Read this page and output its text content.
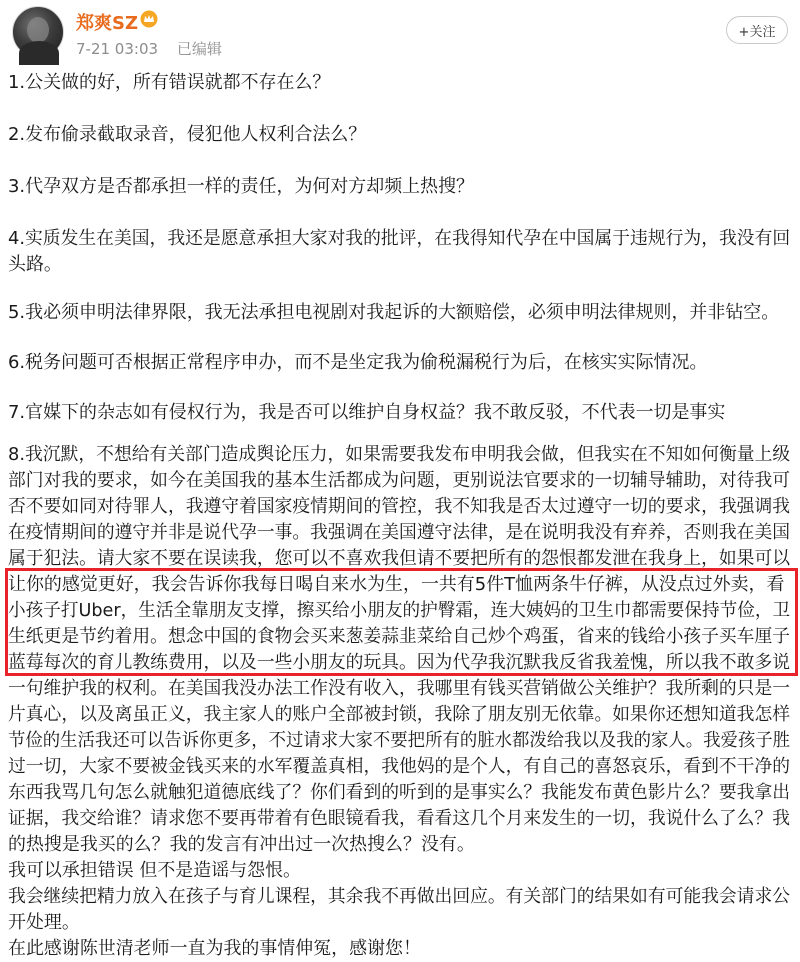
郑爽SZ
7-21 03:03 已编辑
+关注
1.公关做的好，所有错误就都不存在么？
2.发布偷录截取录音，侵犯他人权利合法么？
3.代孕双方是否都承担一样的责任，为何对方却频上热搜？
4.实质发生在美国，我还是愿意承担大家对我的批评，在我得知代孕在中国属于违规行为，我没有回
头路。
5.我必须申明法律界限，我无法承担电视剧对我起诉的大额赔偿，必须申明法律规则，并非钻空。
6.税务问题可否根据正常程序申办，而不是坐定我为偷税漏税行为后，在核实实际情况。
7.官媒下的杂志如有侵权行为，我是否可以维护自身权益？我不敢反驳，不代表一切是事实
8.我沉默，不想给有关部门造成舆论压力，如果需要我发布申明我会做，但我实在不知如何衡量上级
部门对我的要求，如今在美国我的基本生活都成为问题，更别说法官要求的一切辅导辅助，对待我可
否不要如同对待罪人，我遵守着国家疫情期间的管控，我不知我是否太过遵守一切的要求，我强调我
在疫情期间的遵守并非是说代孕一事。我强调在美国遵守法律，是在说明我没有弃养，否则我在美国
属于犯法。请大家不要在误读我，您可以不喜欢我但请不要把所有的怨恨都发泄在我身上，如果可以
让你的感觉更好，我会告诉你我每日喝自来水为生，一共有5件T恤两条牛仔裤，从没点过外卖，看
小孩子打Uber，生活全靠朋友支撑，擦买给小朋友的护臀霜，连大姨妈的卫生巾都需要保持节俭，卫
生纸更是节约着用。想念中国的食物会买来葱姜蒜韭菜给自己炒个鸡蛋，省来的钱给小孩子买车厘子
蓝莓每次的育儿教练费用，以及一些小朋友的玩具。因为代孕我沉默我反省我羞愧，所以我不敢多说
一句维护我的权利。在美国我没办法工作没有收入，我哪里有钱买营销做公关维护？我所剩的只是一
片真心，以及离虽正义，我主家人的账户全部被封锁，我除了朋友别无依靠。如果你还想知道我怎样
节俭的生活我还可以告诉你更多，不过请求大家不要把所有的脏水都泼给我以及我的家人。我爱孩子胜
过一切，大家不要被金钱买来的水军覆盖真相，我他妈的是个人，有自己的喜怒哀乐，看到不干净的
东西我骂几句怎么就触犯道德底线了？你们看到的听到的是事实么？我能发布黄色影片么？要我拿出
证据，我交给谁？请求您不要再带着有色眼镜看我，看看这几个月来发生的一切，我说什么了么？我
的热搜是我买的么？我的发言有冲出过一次热搜么？没有。
我可以承担错误 但不是造谣与怨恨。
我会继续把精力放入在孩子与育儿课程，其余我不再做出回应。有关部门的结果如有可能我会请求公
开处理。
在此感谢陈世清老师一直为我的事情伸冤，感谢您！
